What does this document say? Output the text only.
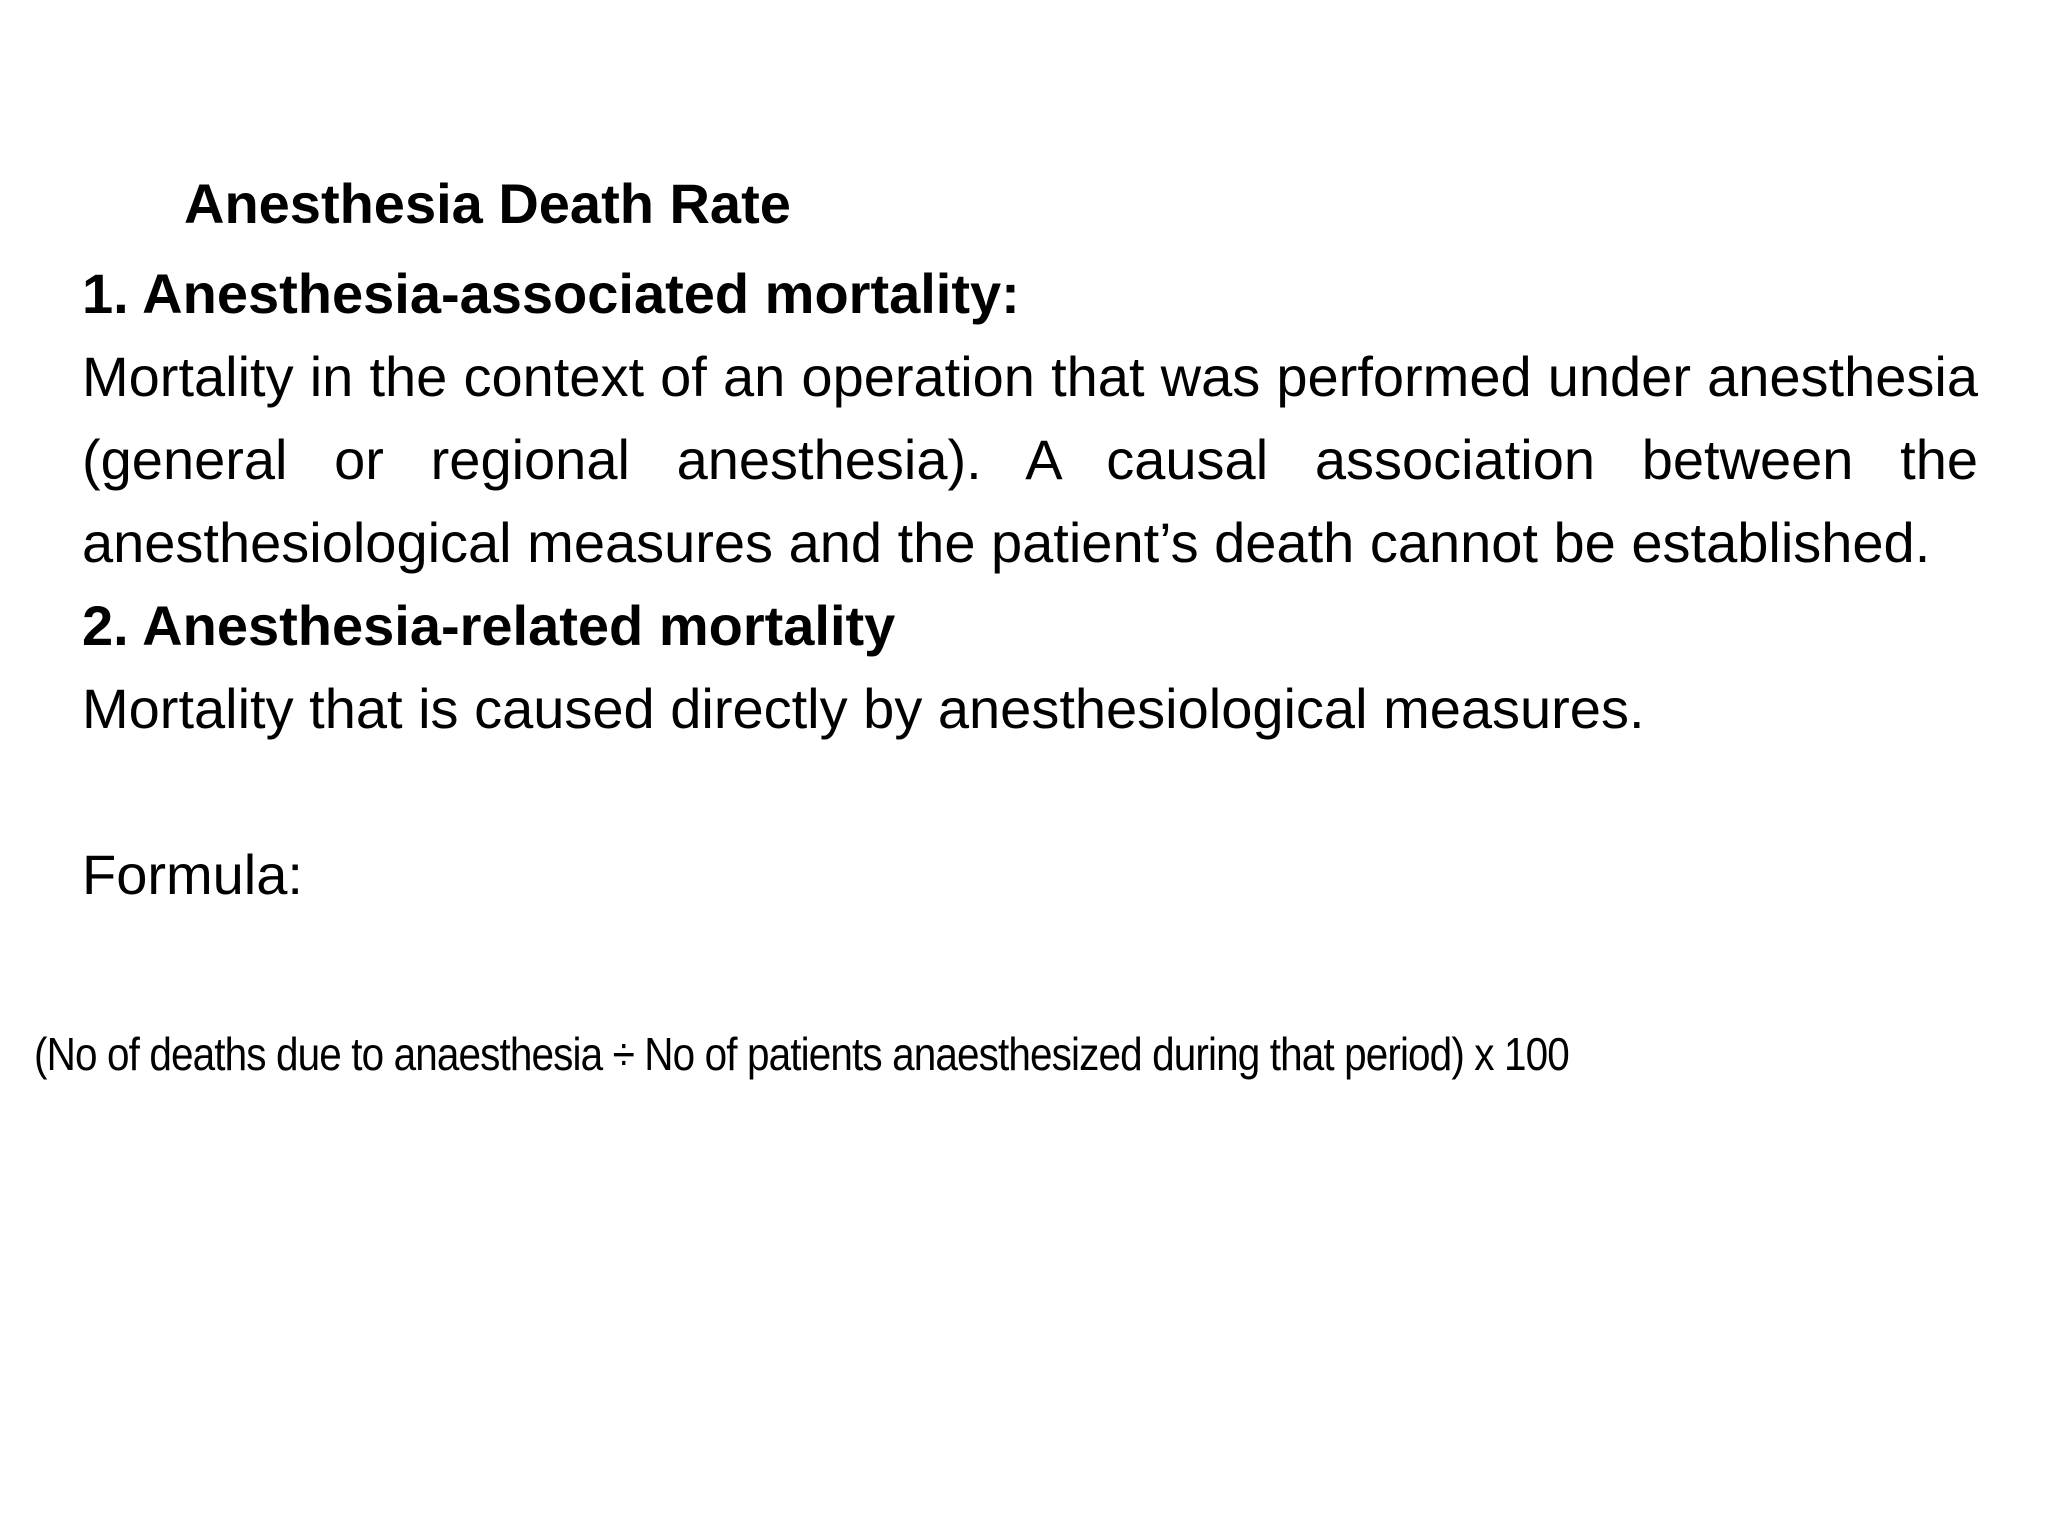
Anesthesia Death Rate
1. Anesthesia-associated mortality:
Mortality in the context of an operation that was performed under anesthesia (general or regional anesthesia). A causal association between the anesthesiological measures and the patient’s death cannot be established.
2. Anesthesia-related mortality
Mortality that is caused directly by anesthesiological measures.
Formula:
(No of deaths due to anaesthesia ÷ No of patients anaesthesized during that period) x 100
